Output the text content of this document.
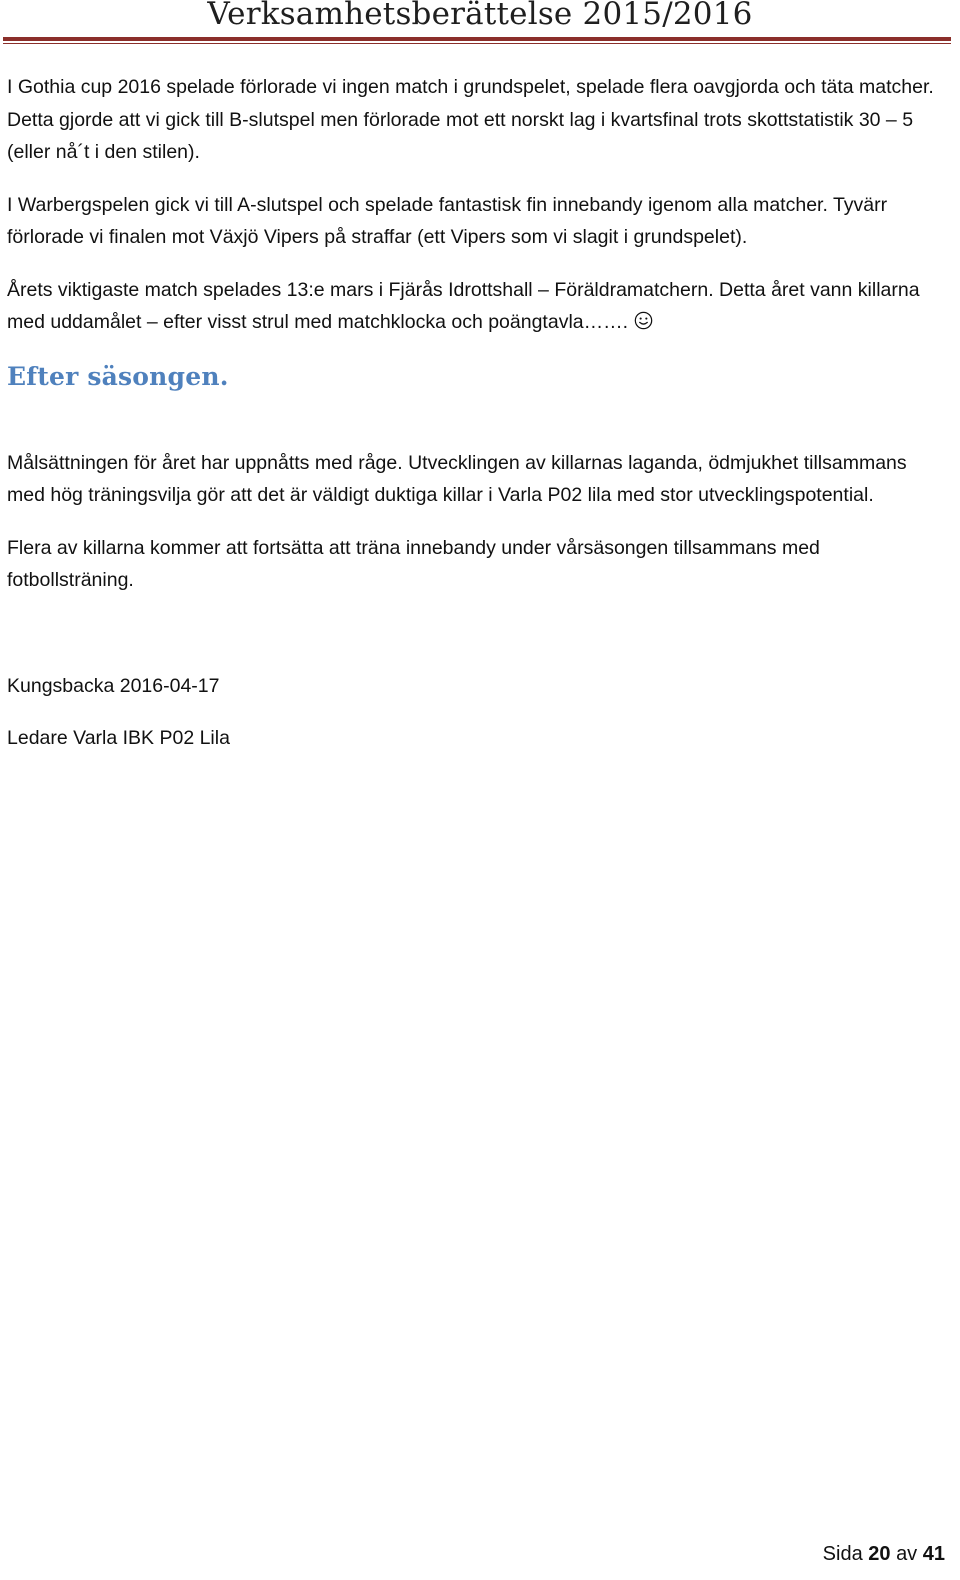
Verksamhetsberättelse 2015/2016

I Gothia cup 2016 spelade förlorade vi ingen match i grundspelet, spelade flera oavgjorda och täta matcher. Detta gjorde att vi gick till B-slutspel men förlorade mot ett norskt lag i kvartsfinal trots skottstatistik 30 – 5 (eller nå´t i den stilen).

I Warbergspelen gick vi till A-slutspel och spelade fantastisk fin innebandy igenom alla matcher. Tyvärr förlorade vi finalen mot Växjö Vipers på straffar (ett Vipers som vi slagit i grundspelet).

Årets viktigaste match spelades 13:e mars i Fjärås Idrottshall – Föräldramatchern. Detta året vann killarna med uddamålet – efter visst strul med matchklocka och poängtavla…….

Efter säsongen.

Målsättningen för året har uppnåtts med råge. Utvecklingen av killarnas laganda, ödmjukhet tillsammans med hög träningsvilja gör att det är väldigt duktiga killar i Varla P02 lila med stor utvecklingspotential.

Flera av killarna kommer att fortsätta att träna innebandy under vårsäsongen tillsammans med fotbollsträning.

Kungsbacka 2016-04-17

Ledare Varla IBK P02 Lila

Sida 20 av 41
